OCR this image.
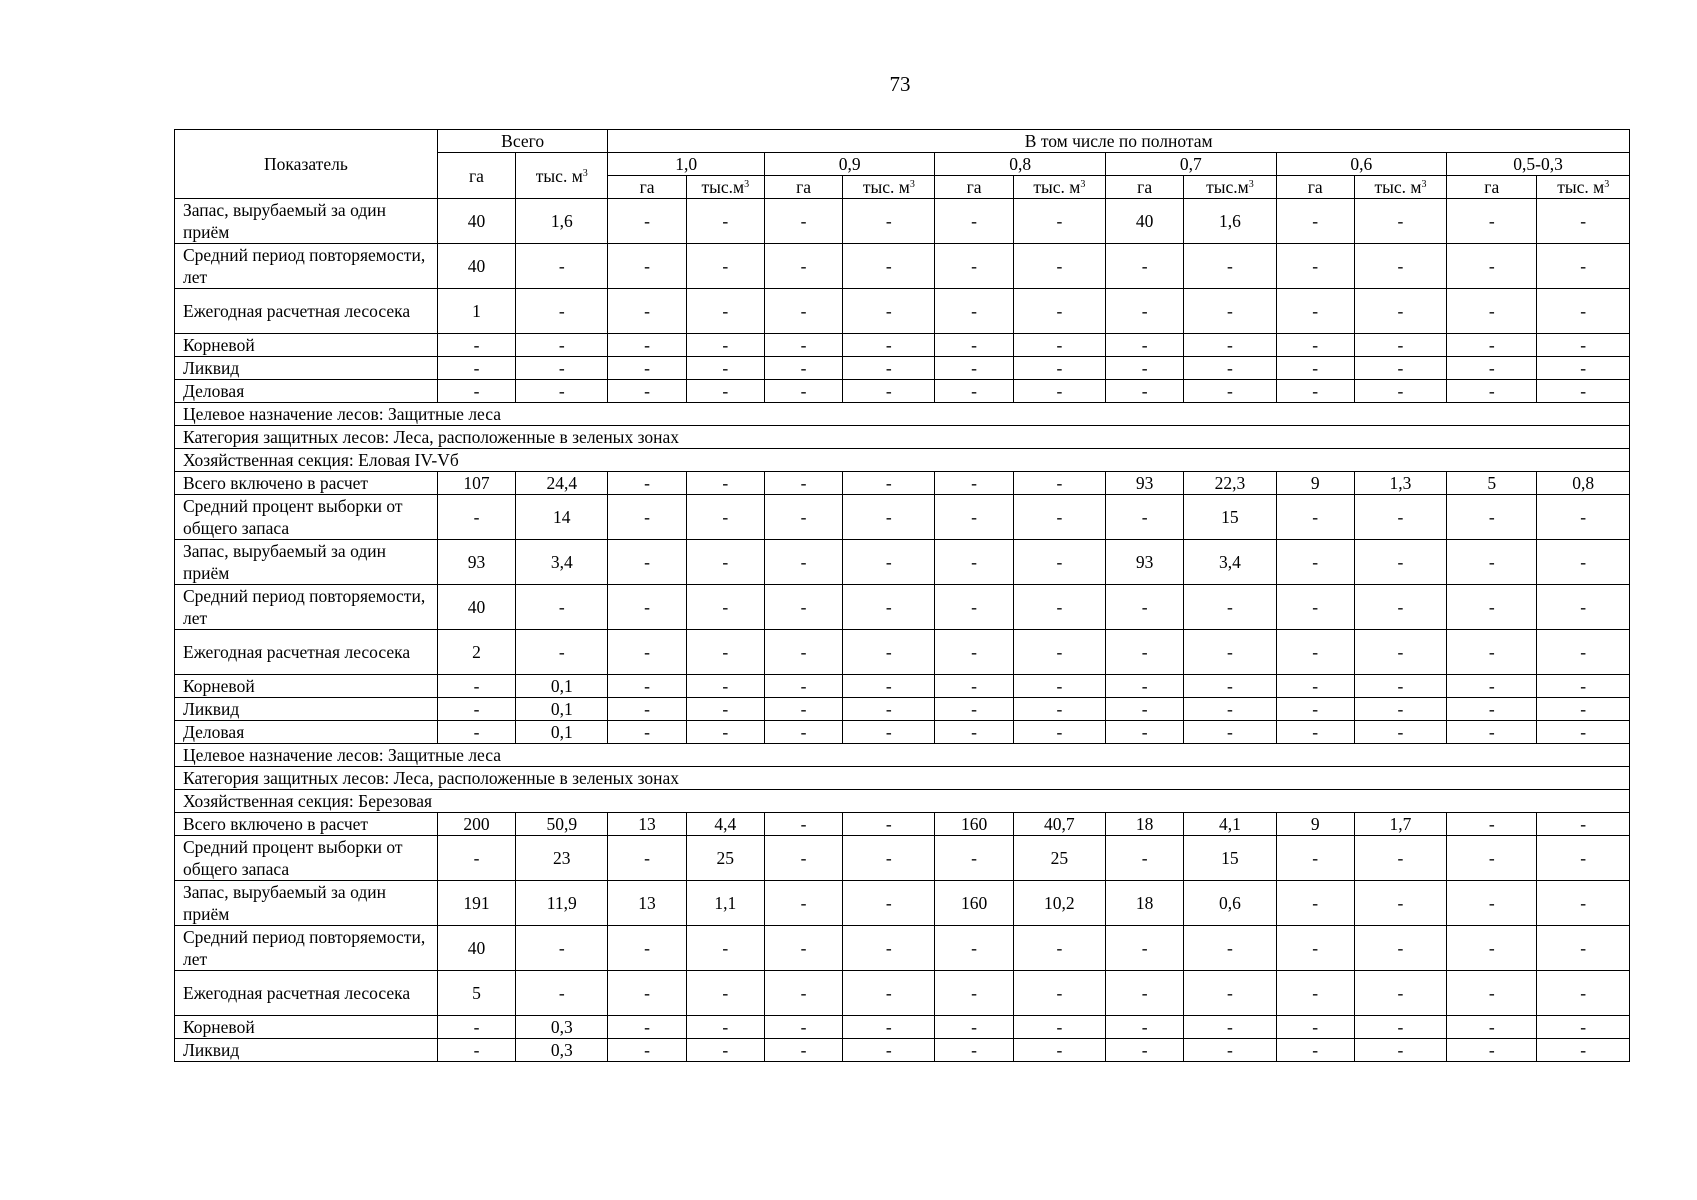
73
Показатель	Всего		В том числе по полнотам											
	га	тыс. $м^3$	1,0		0,9		0,8		0,7		0,6		0,5-0,3	
			га	$тыс.м^3$	га	тыс. $м^3$	га	тыс. $м^3$	га	$тыс.м^3$	га	тыс. $м^3$	га	тыс. $м^3$
Запас, вырубаемый за один приём	40	1,6	-	-	-	-	-	-	40	1,6	-	-	-	-
Средний период повторяемости, лет	40	-	-	-	-	-	-	-	-	-	-	-	-	-
Ежегодная расчетная лесосека	1	-	-	-	-	-	-	-	-	-	-	-	-	-
Корневой	-	-	-	-	-	-	-	-	-	-	-	-	-	-
Ликвид	-	-	-	-	-	-	-	-	-	-	-	-	-	-
Деловая	-	-	-	-	-	-	-	-	-	-	-	-	-	-
Целевое назначение лесов: Защитные леса														
Категория защитных лесов: Леса, расположенные в зеленых зонах														
Хозяйственная секция: Еловая IV-Vб														
Всего включено в расчет	107	24,4	-	-	-	-	-	-	93	22,3	9	1,3	5	0,8
Средний процент выборки от общего запаса	-	14	-	-	-	-	-	-	-	15	-	-	-	-
Запас, вырубаемый за один приём	93	3,4	-	-	-	-	-	-	93	3,4	-	-	-	-
Средний период повторяемости, лет	40	-	-	-	-	-	-	-	-	-	-	-	-	-
Ежегодная расчетная лесосека	2	-	-	-	-	-	-	-	-	-	-	-	-	-
Корневой	-	0,1	-	-	-	-	-	-	-	-	-	-	-	-
Ликвид	-	0,1	-	-	-	-	-	-	-	-	-	-	-	-
Деловая	-	0,1	-	-	-	-	-	-	-	-	-	-	-	-
Целевое назначение лесов: Защитные леса														
Категория защитных лесов: Леса, расположенные в зеленых зонах														
Хозяйственная секция: Березовая														
Всего включено в расчет	200	50,9	13	4,4	-	-	160	40,7	18	4,1	9	1,7	-	-
Средний процент выборки от общего запаса	-	23	-	25	-	-	-	25	-	15	-	-	-	-
Запас, вырубаемый за один приём	191	11,9	13	1,1	-	-	160	10,2	18	0,6	-	-	-	-
Средний период повторяемости, лет	40	-	-	-	-	-	-	-	-	-	-	-	-	-
Ежегодная расчетная лесосека	5	-	-	-	-	-	-	-	-	-	-	-	-	-
Корневой	-	0,3	-	-	-	-	-	-	-	-	-	-	-	-
Ликвид	-	0,3	-	-	-	-	-	-	-	-	-	-	-	-
